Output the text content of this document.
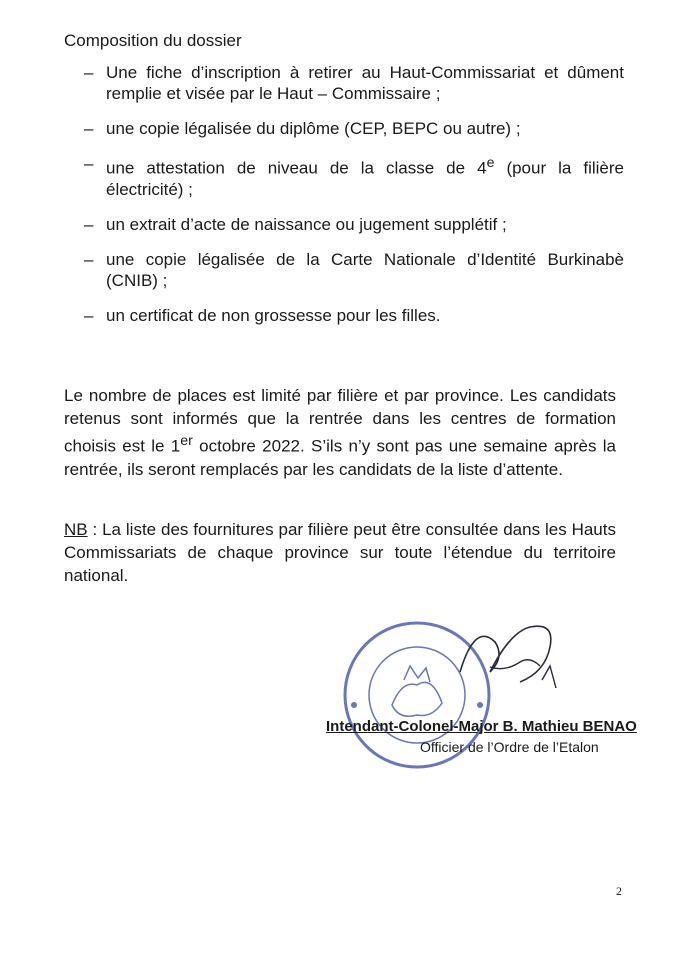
Composition du dossier
– Une fiche d’inscription à retirer au Haut-Commissariat et dûment remplie et visée par le Haut – Commissaire ;
– une copie légalisée du diplôme (CEP, BEPC ou autre) ;
– une attestation de niveau de la classe de 4e (pour la filière électricité) ;
– un extrait d’acte de naissance ou jugement supplétif ;
– une copie légalisée de la Carte Nationale d’Identité Burkinabè (CNIB) ;
– un certificat de non grossesse pour les filles.

Le nombre de places est limité par filière et par province. Les candidats retenus sont informés que la rentrée dans les centres de formation choisis est le 1er octobre 2022. S’ils n’y sont pas une semaine après la rentrée, ils seront remplacés par les candidats de la liste d’attente.

NB : La liste des fournitures par filière peut être consultée dans les Hauts Commissariats de chaque province sur toute l’étendue du territoire national.

Intendant-Colonel-Major B. Mathieu BENAO
Officier de l’Ordre de l’Etalon
2
